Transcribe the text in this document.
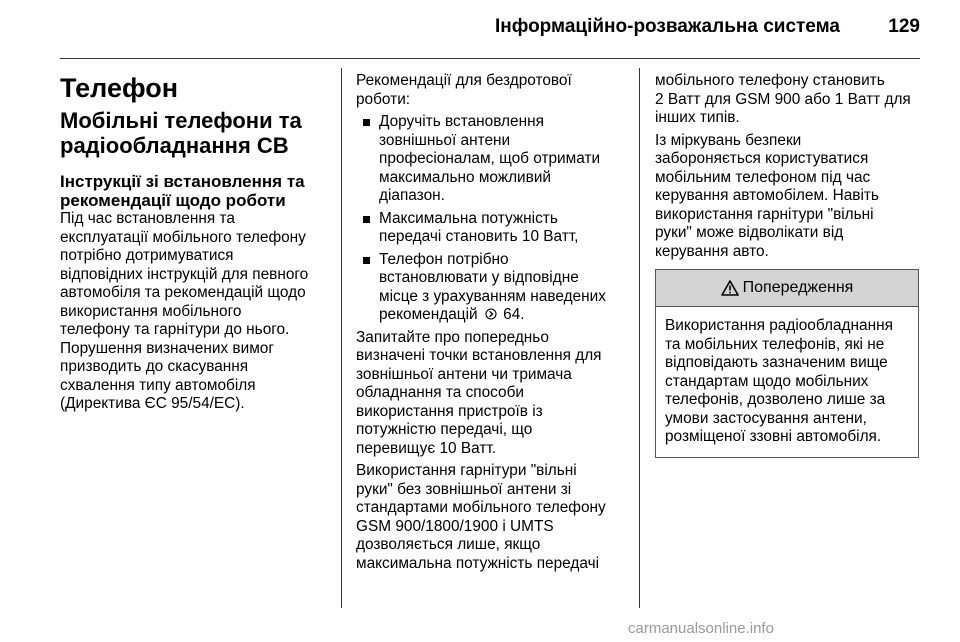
Інформаційно-розважальна система	129
Телефон
Мобільні телефони та
радіообладнання СВ
Інструкції зі встановлення та
рекомендації щодо роботи

Під час встановлення та
експлуатації мобільного телефону
потрібно дотримуватися
відповідних інструкцій для певного
автомобіля та рекомендацій щодо
використання мобільного
телефону та гарнітури до нього.
Порушення визначених вимог
призводить до скасування
схвалення типу автомобіля
(Директива ЄС 95/54/ЕС).

Рекомендації для бездротової
роботи:

Доручіть встановлення
зовнішньої антени
професіоналам, щоб отримати
максимально можливий
діапазон.
Максимальна потужність
передачі становить 10 Ватт,
Телефон потрібно
встановлювати у відповідне
місце з урахуванням наведених
рекомендацій 64.

Запитайте про попередньо
визначені точки встановлення для
зовнішньої антени чи тримача
обладнання та способи
використання пристроїв із
потужністю передачі, що
перевищує 10 Ватт.

Використання гарнітури "вільні
руки" без зовнішньої антени зі
стандартами мобільного телефону
GSM 900/1800/1900 і UMTS
дозволяється лише, якщо
максимальна потужність передачі

мобільного телефону становить
2 Ватт для GSM 900 або 1 Ватт для
інших типів.

Із міркувань безпеки
забороняється користуватися
мобільним телефоном під час
керування автомобілем. Навіть
використання гарнітури "вільні
руки" може відволікати від
керування авто.

Попередження
Використання радіообладнання
та мобільних телефонів, які не
відповідають зазначеним вище
стандартам щодо мобільних
телефонів, дозволено лише за
умови застосування антени,
розміщеної ззовні автомобіля.
carmanualsonline.info
